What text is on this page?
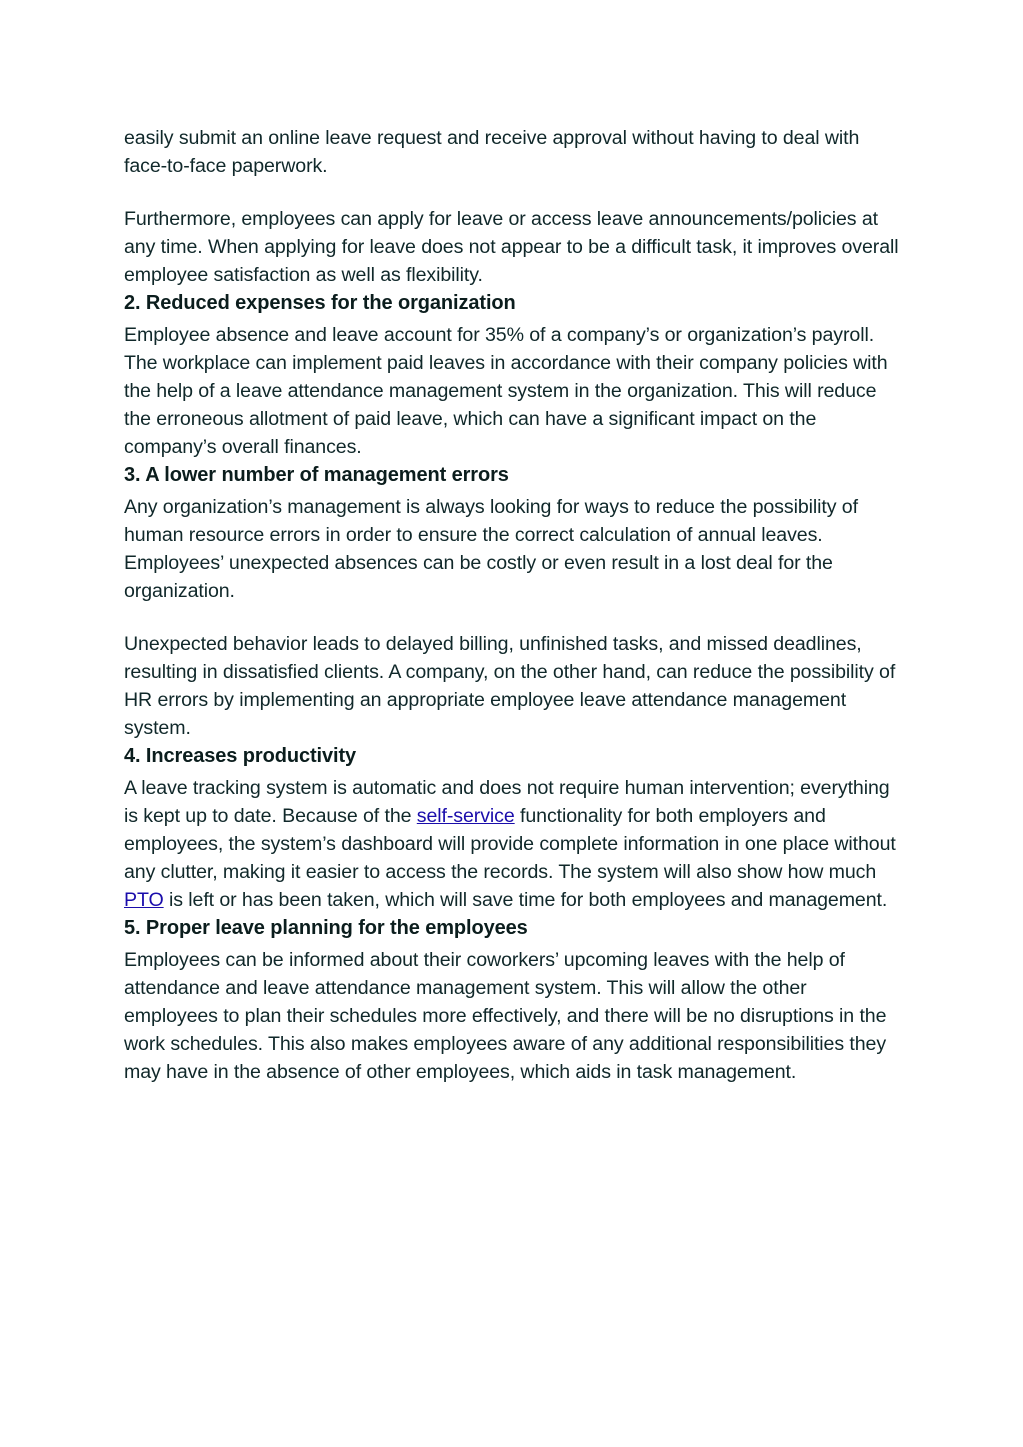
easily submit an online leave request and receive approval without having to deal with face-to-face paperwork.

Furthermore, employees can apply for leave or access leave announcements/policies at any time. When applying for leave does not appear to be a difficult task, it improves overall employee satisfaction as well as flexibility.

2. Reduced expenses for the organization

Employee absence and leave account for 35% of a company’s or organization’s payroll. The workplace can implement paid leaves in accordance with their company policies with the help of a leave attendance management system in the organization. This will reduce the erroneous allotment of paid leave, which can have a significant impact on the company’s overall finances.

3. A lower number of management errors

Any organization’s management is always looking for ways to reduce the possibility of human resource errors in order to ensure the correct calculation of annual leaves. Employees’ unexpected absences can be costly or even result in a lost deal for the organization.

Unexpected behavior leads to delayed billing, unfinished tasks, and missed deadlines, resulting in dissatisfied clients. A company, on the other hand, can reduce the possibility of HR errors by implementing an appropriate employee leave attendance management system.

4. Increases productivity

A leave tracking system is automatic and does not require human intervention; everything is kept up to date. Because of the self-service functionality for both employers and employees, the system’s dashboard will provide complete information in one place without any clutter, making it easier to access the records. The system will also show how much PTO is left or has been taken, which will save time for both employees and management.

5. Proper leave planning for the employees

Employees can be informed about their coworkers’ upcoming leaves with the help of attendance and leave attendance management system. This will allow the other employees to plan their schedules more effectively, and there will be no disruptions in the work schedules. This also makes employees aware of any additional responsibilities they may have in the absence of other employees, which aids in task management.
